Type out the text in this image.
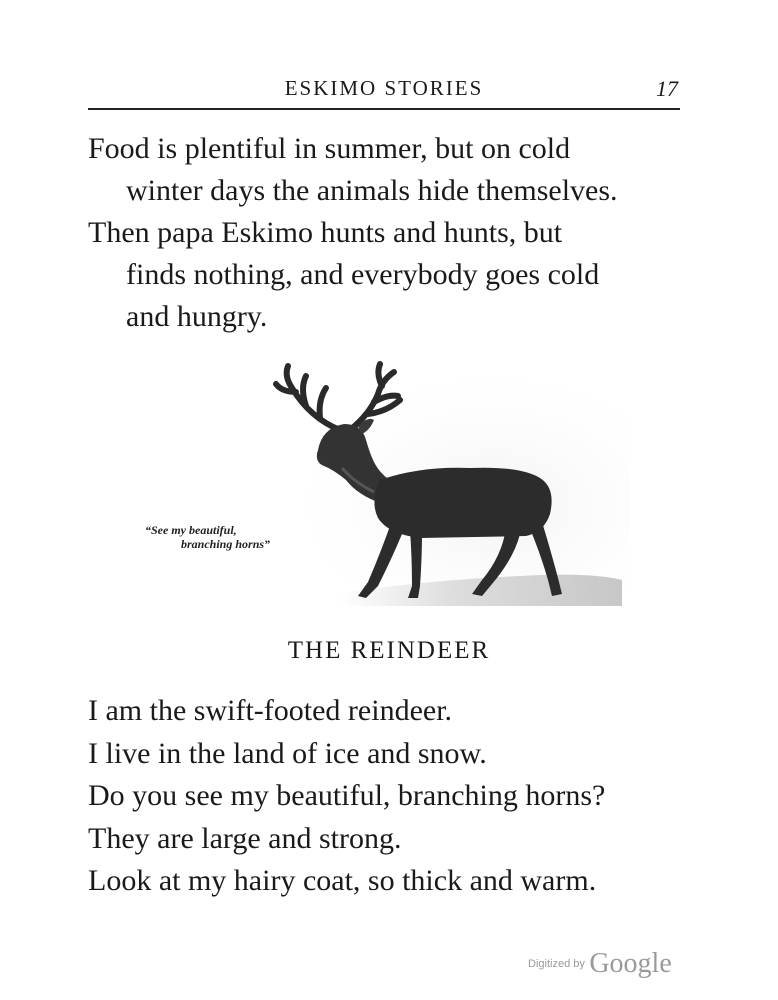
ESKIMO STORIES	17
Food is plentiful in summer, but on cold
winter days the animals hide themselves.
Then papa Eskimo hunts and hunts, but
finds nothing, and everybody goes cold
and hungry.
“See my beautiful,
branching horns”
THE REINDEER
I am the swift-footed reindeer.
I live in the land of ice and snow.
Do you see my beautiful, branching horns?
They are large and strong.
Look at my hairy coat, so thick and warm.
Digitized by Google
